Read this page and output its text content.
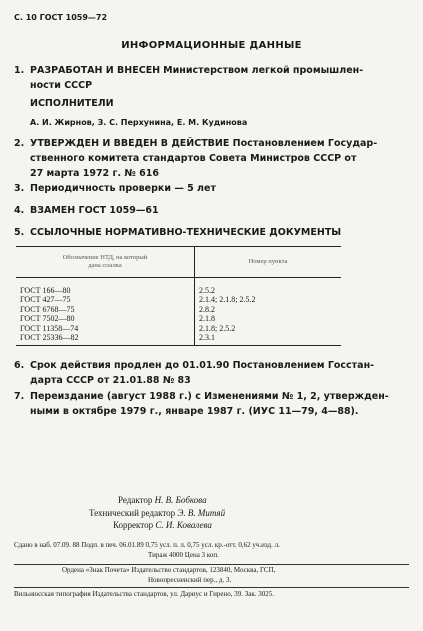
С. 10 ГОСТ 1059—72
ИНФОРМАЦИОННЫЕ ДАННЫЕ
1. РАЗРАБОТАН И ВНЕСЕН Министерством легкой промышлен-
ности СССР
ИСПОЛНИТЕЛИ
А. И. Жирнов, З. С. Перхунина, Е. М. Кудинова
2. УТВЕРЖДЕН И ВВЕДЕН В ДЕЙСТВИЕ Постановлением Государ-
ственного комитета стандартов Совета Министров СССР от
27 марта 1972 г. № 616
3. Периодичность проверки — 5 лет
4. ВЗАМЕН ГОСТ 1059—61
5. ССЫЛОЧНЫЕ НОРМАТИВНО-ТЕХНИЧЕСКИЕ ДОКУМЕНТЫ
Обозначение НТД, на который
дана ссылка	Номер пункта
ГОСТ 166—80	2.5.2
ГОСТ 427—75	2.1.4; 2.1.8; 2.5.2
ГОСТ 6768—75	2.8.2
ГОСТ 7502—80	2.1.8
ГОСТ 11358—74	2.1.8; 2.5.2
ГОСТ 25336—82	2.3.1
6. Срок действия продлен до 01.01.90 Постановлением Госстан-
дарта СССР от 21.01.88 № 83
7. Переиздание (август 1988 г.) с Изменениями № 1, 2, утвержден-
ными в октябре 1979 г., январе 1987 г. (ИУС 11—79, 4—88).
Редактор Н. В. Бобкова
Технический редактор Э. В. Митяй
Корректор С. И. Ковалева
Сдано в наб. 07.09. 88 Подп. в печ. 06.01.89 0,75 усл. п. л. 0,75 усл. кр.-отт. 0,62 уч.изд. л.
Тираж 4000 Цена 3 коп.
Ордена «Знак Почета» Издательство стандартов, 123840, Москва, ГСП,
Новопресненский пер., д. 3.
Вильнюсская типография Издательства стандартов, ул. Дариус и Гирено, 39. Зак. 3025.
